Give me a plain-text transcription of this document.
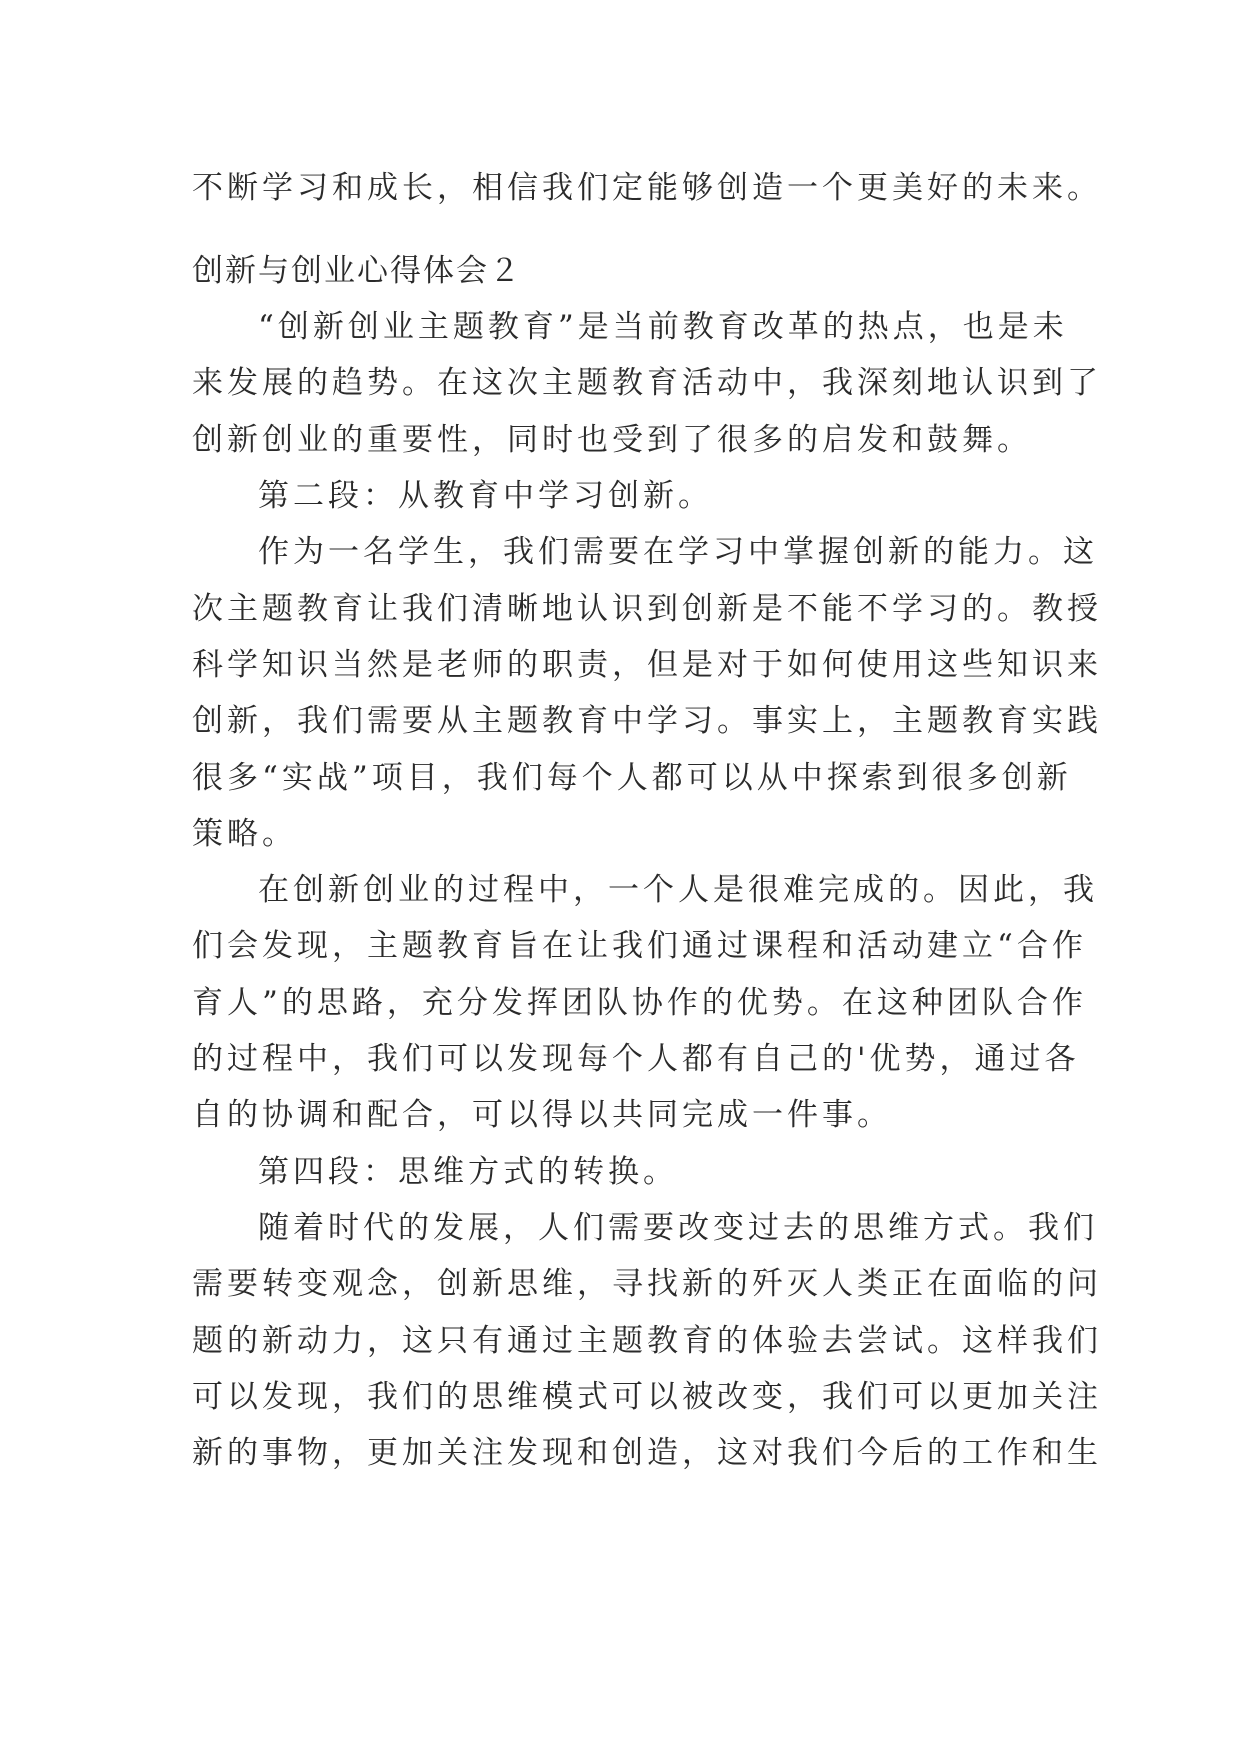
不断学习和成长，相信我们定能够创造一个更美好的未来。
创新与创业心得体会２
“创新创业主题教育”是当前教育改革的热点，也是未
来发展的趋势。在这次主题教育活动中，我深刻地认识到了
创新创业的重要性，同时也受到了很多的启发和鼓舞。
第二段：从教育中学习创新。
作为一名学生，我们需要在学习中掌握创新的能力。这
次主题教育让我们清晰地认识到创新是不能不学习的。教授
科学知识当然是老师的职责，但是对于如何使用这些知识来
创新，我们需要从主题教育中学习。事实上，主题教育实践
很多“实战”项目，我们每个人都可以从中探索到很多创新
策略。
在创新创业的过程中，一个人是很难完成的。因此，我
们会发现，主题教育旨在让我们通过课程和活动建立“合作
育人”的思路，充分发挥团队协作的优势。在这种团队合作
的过程中，我们可以发现每个人都有自己的'优势，通过各
自的协调和配合，可以得以共同完成一件事。
第四段：思维方式的转换。
随着时代的发展，人们需要改变过去的思维方式。我们
需要转变观念，创新思维，寻找新的歼灭人类正在面临的问
题的新动力，这只有通过主题教育的体验去尝试。这样我们
可以发现，我们的思维模式可以被改变，我们可以更加关注
新的事物，更加关注发现和创造，这对我们今后的工作和生
